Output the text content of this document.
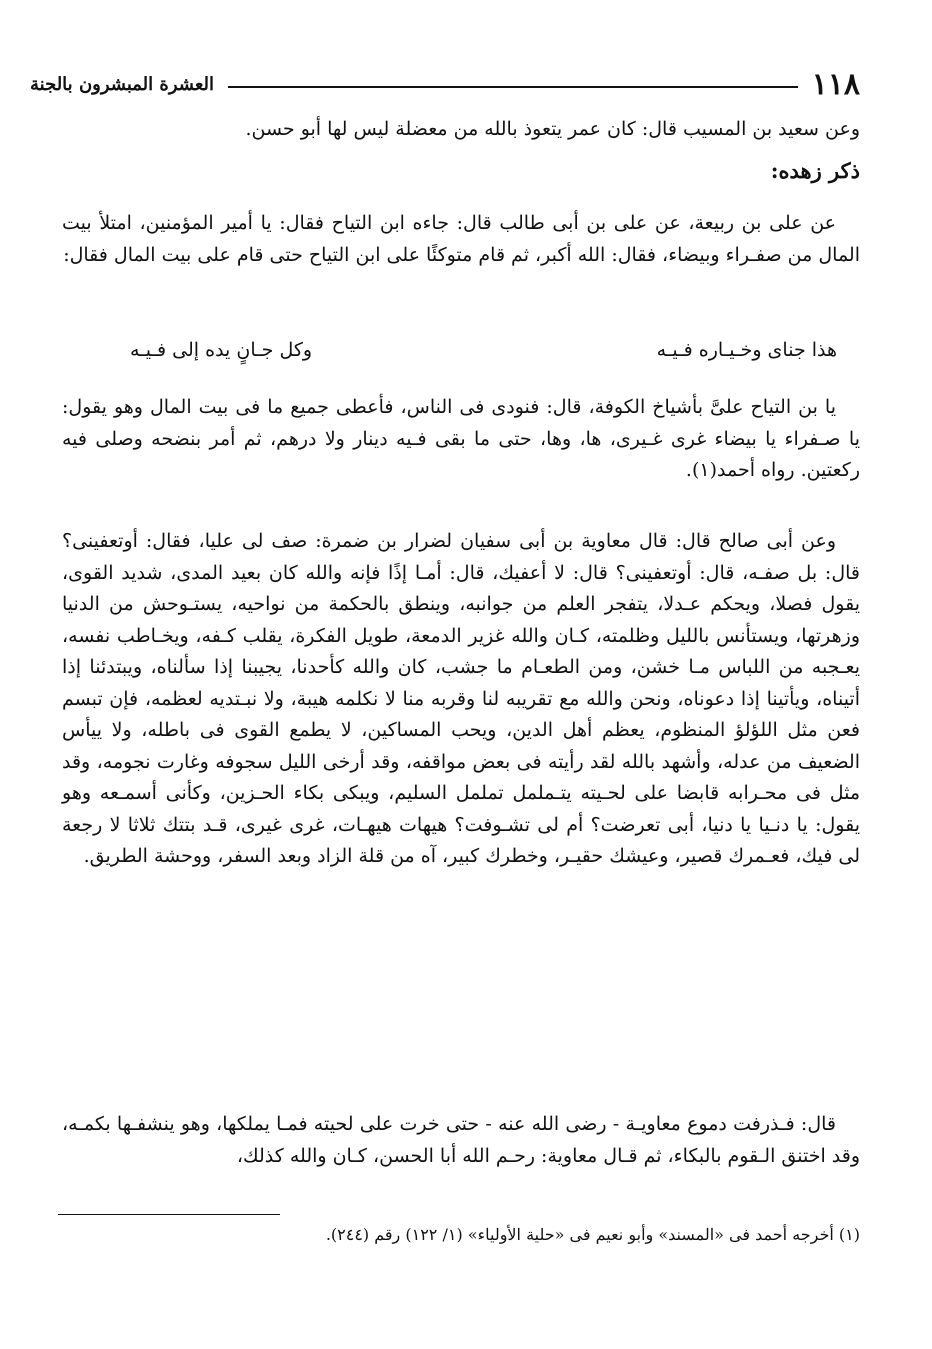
١١٨
العشرة المبشرون بالجنة

وعن سعيد بن المسيب قال: كان عمر يتعوذ بالله من معضلة ليس لها أبو حسن.

ذكر زهده:

عن على بن ربيعة، عن على بن أبى طالب قال: جاءه ابن التياح فقال: يا أمير المؤمنين، امتلأ بيت المال من صفـراء وبيضاء، فقال: الله أكبر، ثم قام متوكئًا على ابن التياح حتى قام على بيت المال فقال:

هذا جناى وخـيـاره فـيـه
وكل جـانٍ يده إلى فـيـه

يا بن التياح علىَّ بأشياخ الكوفة، قال: فنودى فى الناس، فأعطى جميع ما فى بيت المال وهو يقول: يا صـفراء يا بيضاء غرى غـيرى، ها، وها، حتى ما بقى فـيه دينار ولا درهم، ثم أمر بنضحه وصلى فيه ركعتين. رواه أحمد(١).

وعن أبى صالح قال: قال معاوية بن أبى سفيان لضرار بن ضمرة: صف لى عليا، فقال: أوتعفينى؟ قال: بل صفـه، قال: أوتعفينى؟ قال: لا أعفيك، قال: أمـا إذًا فإنه والله كان بعيد المدى، شديد القوى، يقول فصلا، ويحكم عـدلا، يتفجر العلم من جوانبه، وينطق بالحكمة من نواحيه، يستـوحش من الدنيا وزهرتها، ويستأنس بالليل وظلمته، كـان والله غزير الدمعة، طويل الفكرة، يقلب كـفه، ويخـاطب نفسه، يعـجبه من اللباس مـا خشن، ومن الطعـام ما جشب، كان والله كأحدنا، يجيبنا إذا سألناه، ويبتدئنا إذا أتيناه، ويأتينا إذا دعوناه، ونحن والله مع تقريبه لنا وقربه منا لا نكلمه هيبة، ولا نبـتديه لعظمه، فإن تبسم فعن مثل اللؤلؤ المنظوم، يعظم أهل الدين، ويحب المساكين، لا يطمع القوى فى باطله، ولا ييأس الضعيف من عدله، وأشهد بالله لقد رأيته فى بعض مواقفه، وقد أرخى الليل سجوفه وغارت نجومه، وقد مثل فى محـرابه قابضا على لحـيته يتـململ تململ السليم، ويبكى بكاء الحـزين، وكأنى أسمـعه وهو يقول: يا دنـيا يا دنيا، أبى تعرضت؟ أم لى تشـوفت؟ هيهات هيهـات، غرى غيرى، قـد بتتك ثلاثا لا رجعة لى فيك، فعـمرك قصير، وعيشك حقيـر، وخطرك كبير، آه من قلة الزاد وبعد السفر، ووحشة الطريق.

قال: فـذرفت دموع معاويـة - رضى الله عنه - حتى خرت على لحيته فمـا يملكها، وهو ينشفـها بكمـه، وقد اختنق الـقوم بالبكاء، ثم قـال معاوية: رحـم الله أبا الحسن، كـان والله كذلك،

(١) أخرجه أحمد فى «المسند» وأبو نعيم فى «حلية الأولياء» (١/ ١٢٢) رقم (٢٤٤).
